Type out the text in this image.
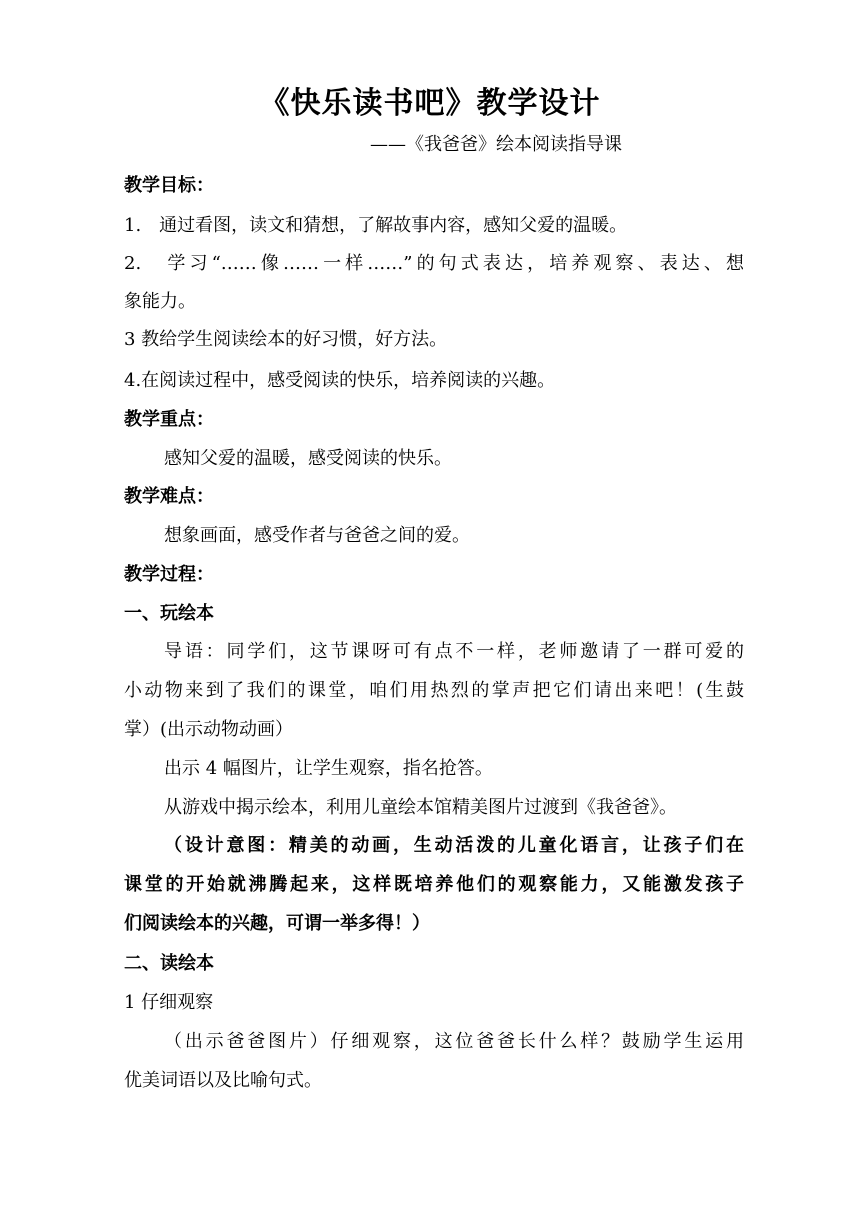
《快乐读书吧》教学设计
——《我爸爸》绘本阅读指导课
教学目标：
1.　通过看图，读文和猜想，了解故事内容，感知父爱的温暖。
2.　学习“……像……一样……”的句式表达，培养观察、表达、想
象能力。
3 教给学生阅读绘本的好习惯，好方法。
4.在阅读过程中，感受阅读的快乐，培养阅读的兴趣。
教学重点：
感知父爱的温暖，感受阅读的快乐。
教学难点：
想象画面，感受作者与爸爸之间的爱。
教学过程：
一、玩绘本
导语：同学们，这节课呀可有点不一样，老师邀请了一群可爱的
小动物来到了我们的课堂，咱们用热烈的掌声把它们请出来吧！(生鼓
掌）(出示动物动画）
出示 4 幅图片，让学生观察，指名抢答。
从游戏中揭示绘本，利用儿童绘本馆精美图片过渡到《我爸爸》。
（设计意图：精美的动画，生动活泼的儿童化语言，让孩子们在
课堂的开始就沸腾起来，这样既培养他们的观察能力，又能激发孩子
们阅读绘本的兴趣，可谓一举多得！）
二、读绘本
1 仔细观察
（出示爸爸图片）仔细观察，这位爸爸长什么样？鼓励学生运用
优美词语以及比喻句式。
